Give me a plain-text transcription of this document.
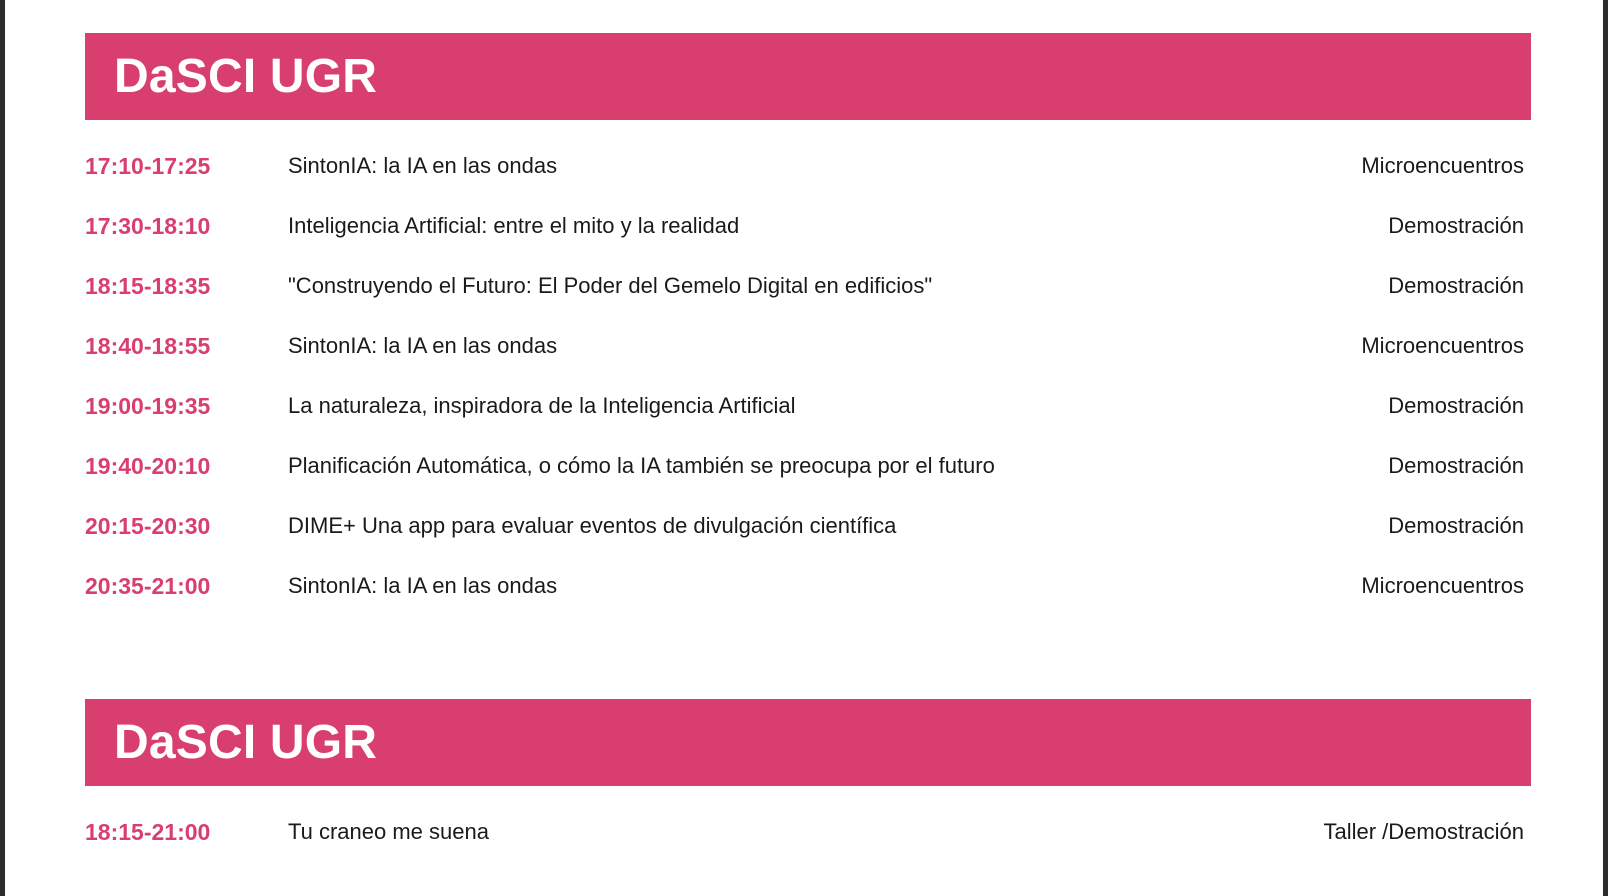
DaSCI UGR
17:10-17:25	SintonIA: la IA en las ondas	Microencuentros
17:30-18:10	Inteligencia Artificial: entre el mito y la realidad	Demostración
18:15-18:35	"Construyendo el Futuro: El Poder del Gemelo Digital en edificios"	Demostración
18:40-18:55	SintonIA: la IA en las ondas	Microencuentros
19:00-19:35	La naturaleza, inspiradora de la Inteligencia Artificial	Demostración
19:40-20:10	Planificación Automática, o cómo la IA también se preocupa por el futuro	Demostración
20:15-20:30	DIME+ Una app para evaluar eventos de divulgación científica	Demostración
20:35-21:00	SintonIA: la IA en las ondas	Microencuentros
DaSCI UGR
18:15-21:00	Tu craneo me suena	Taller /Demostración
